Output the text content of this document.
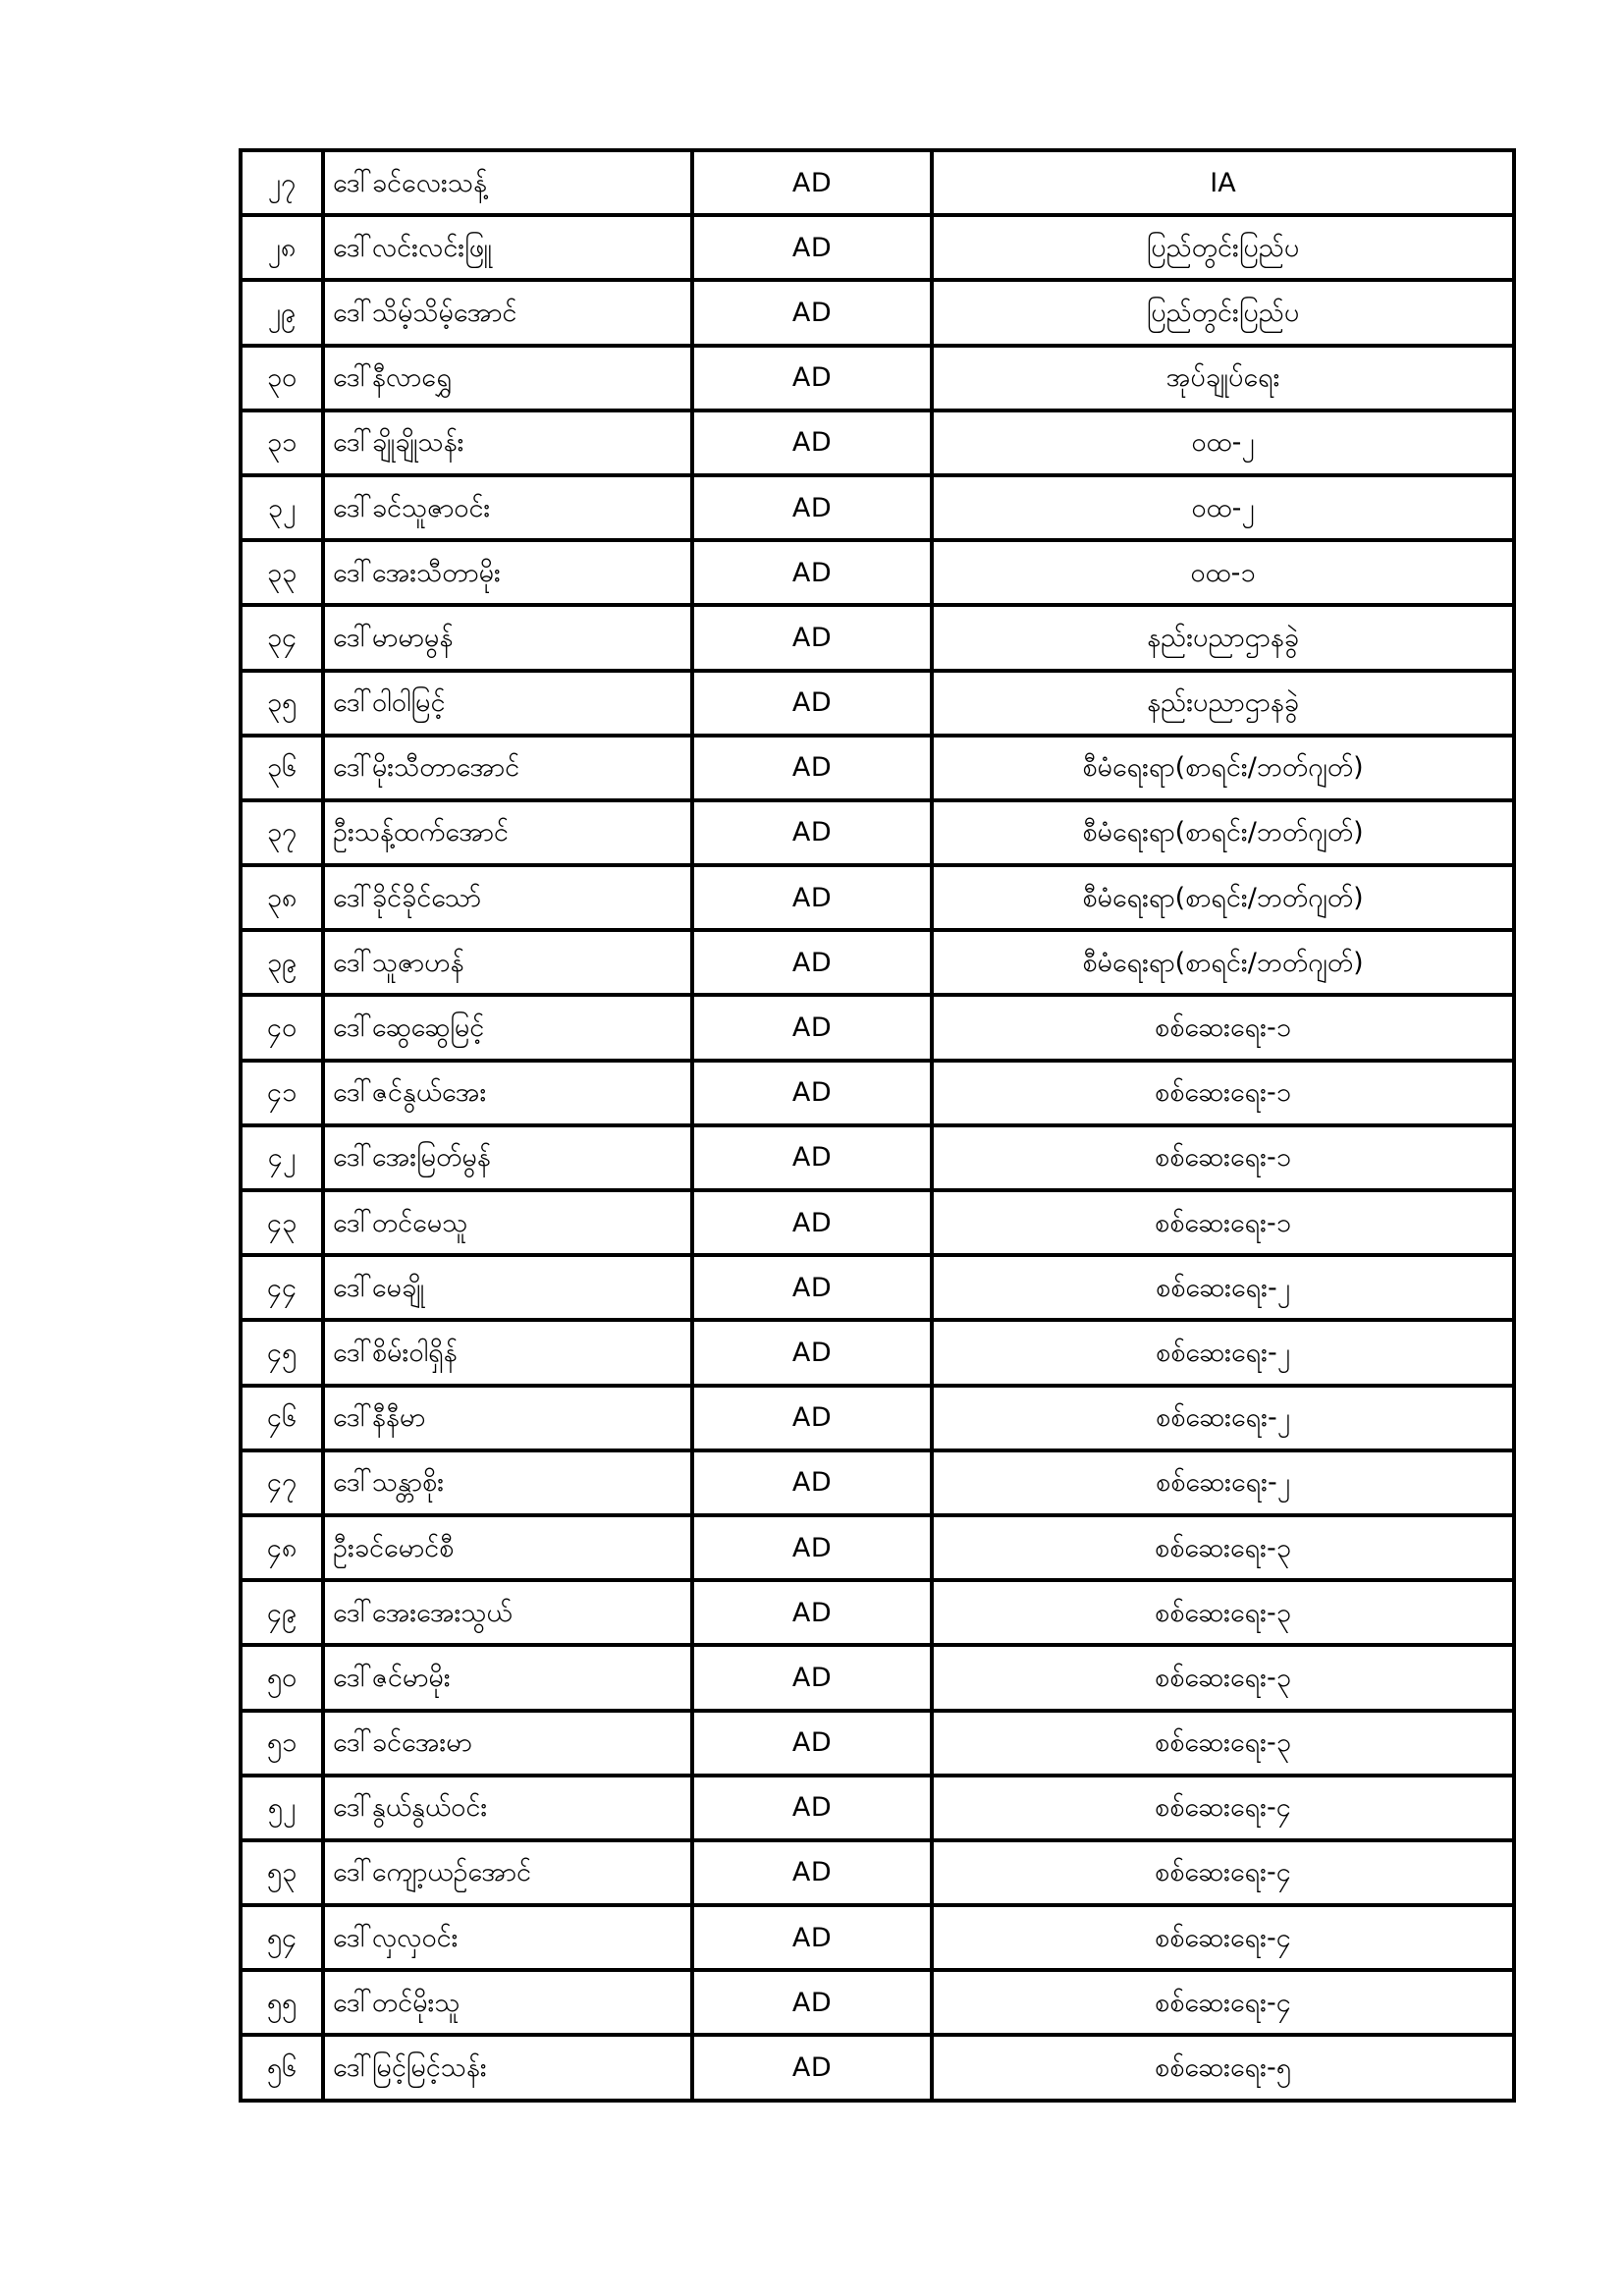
၂၇	ဒေါ်ခင်လေးသန့်	AD	IA
၂၈	ဒေါ်လင်းလင်းဖြူ	AD	ပြည်တွင်းပြည်ပ
၂၉	ဒေါ်သိမ့်သိမ့်အောင်	AD	ပြည်တွင်းပြည်ပ
၃၀	ဒေါ်နီလာရွှေ	AD	အုပ်ချုပ်ရေး
၃၁	ဒေါ်ချိုချိုသန်း	AD	ဝထ-၂
၃၂	ဒေါ်ခင်သူဇာဝင်း	AD	ဝထ-၂
၃၃	ဒေါ်အေးသီတာမိုး	AD	ဝထ-၁
၃၄	ဒေါ်မာမာမွန်	AD	နည်းပညာဌာနခွဲ
၃၅	ဒေါ်ဝါဝါမြင့်	AD	နည်းပညာဌာနခွဲ
၃၆	ဒေါ်မိုးသီတာအောင်	AD	စီမံရေးရာ(စာရင်း/ဘတ်ဂျတ်)
၃၇	ဦးသန့်ထက်အောင်	AD	စီမံရေးရာ(စာရင်း/ဘတ်ဂျတ်)
၃၈	ဒေါ်ခိုင်ခိုင်သော်	AD	စီမံရေးရာ(စာရင်း/ဘတ်ဂျတ်)
၃၉	ဒေါ်သူဇာဟန်	AD	စီမံရေးရာ(စာရင်း/ဘတ်ဂျတ်)
၄၀	ဒေါ်ဆွေဆွေမြင့်	AD	စစ်ဆေးရေး-၁
၄၁	ဒေါ်ဇင်နွယ်အေး	AD	စစ်ဆေးရေး-၁
၄၂	ဒေါ်အေးမြတ်မွန်	AD	စစ်ဆေးရေး-၁
၄၃	ဒေါ်တင်မေသူ	AD	စစ်ဆေးရေး-၁
၄၄	ဒေါ်မေချို	AD	စစ်ဆေးရေး-၂
၄၅	ဒေါ်စိမ်းဝါရှိန်	AD	စစ်ဆေးရေး-၂
၄၆	ဒေါ်နီနီမာ	AD	စစ်ဆေးရေး-၂
၄၇	ဒေါ်သန္တာစိုး	AD	စစ်ဆေးရေး-၂
၄၈	ဦးခင်မောင်စီ	AD	စစ်ဆေးရေး-၃
၄၉	ဒေါ်အေးအေးသွယ်	AD	စစ်ဆေးရေး-၃
၅၀	ဒေါ်ဇင်မာမိုး	AD	စစ်ဆေးရေး-၃
၅၁	ဒေါ်ခင်အေးမာ	AD	စစ်ဆေးရေး-၃
၅၂	ဒေါ်နွယ်နွယ်ဝင်း	AD	စစ်ဆေးရေး-၄
၅၃	ဒေါ်ကျော့ယဉ်အောင်	AD	စစ်ဆေးရေး-၄
၅၄	ဒေါ်လှလှဝင်း	AD	စစ်ဆေးရေး-၄
၅၅	ဒေါ်တင်မိုးသူ	AD	စစ်ဆေးရေး-၄
၅၆	ဒေါ်မြင့်မြင့်သန်း	AD	စစ်ဆေးရေး-၅
